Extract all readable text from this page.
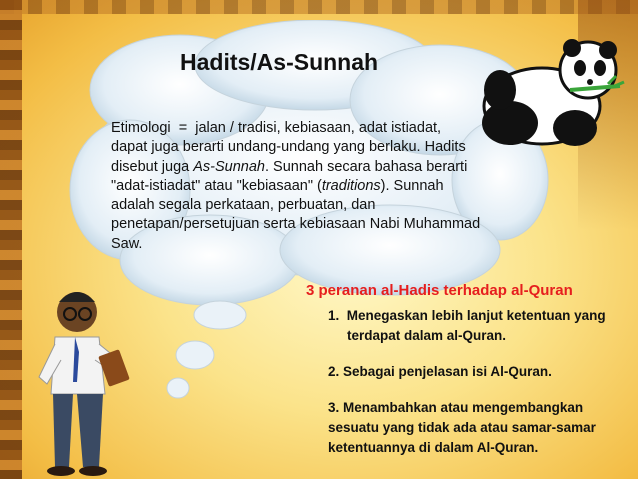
Hadits/As-Sunnah

Etimologi  =  jalan / tradisi, kebiasaan, adat istiadat,
dapat juga berarti undang-undang yang berlaku. Hadits disebut juga As-Sunnah. Sunnah secara bahasa berarti "adat-istiadat" atau "kebiasaan" (traditions). Sunnah adalah segala perkataan, perbuatan, dan penetapan/persetujuan serta kebiasaan Nabi Muhammad Saw.

3 peranan al-Hadis terhadap al-Quran

1. Menegaskan lebih lanjut ketentuan yang terdapat dalam al-Quran.

2. Sebagai penjelasan isi Al-Quran.

3. Menambahkan atau mengembangkan sesuatu yang tidak ada atau samar-samar ketentuannya di dalam Al-Quran.
